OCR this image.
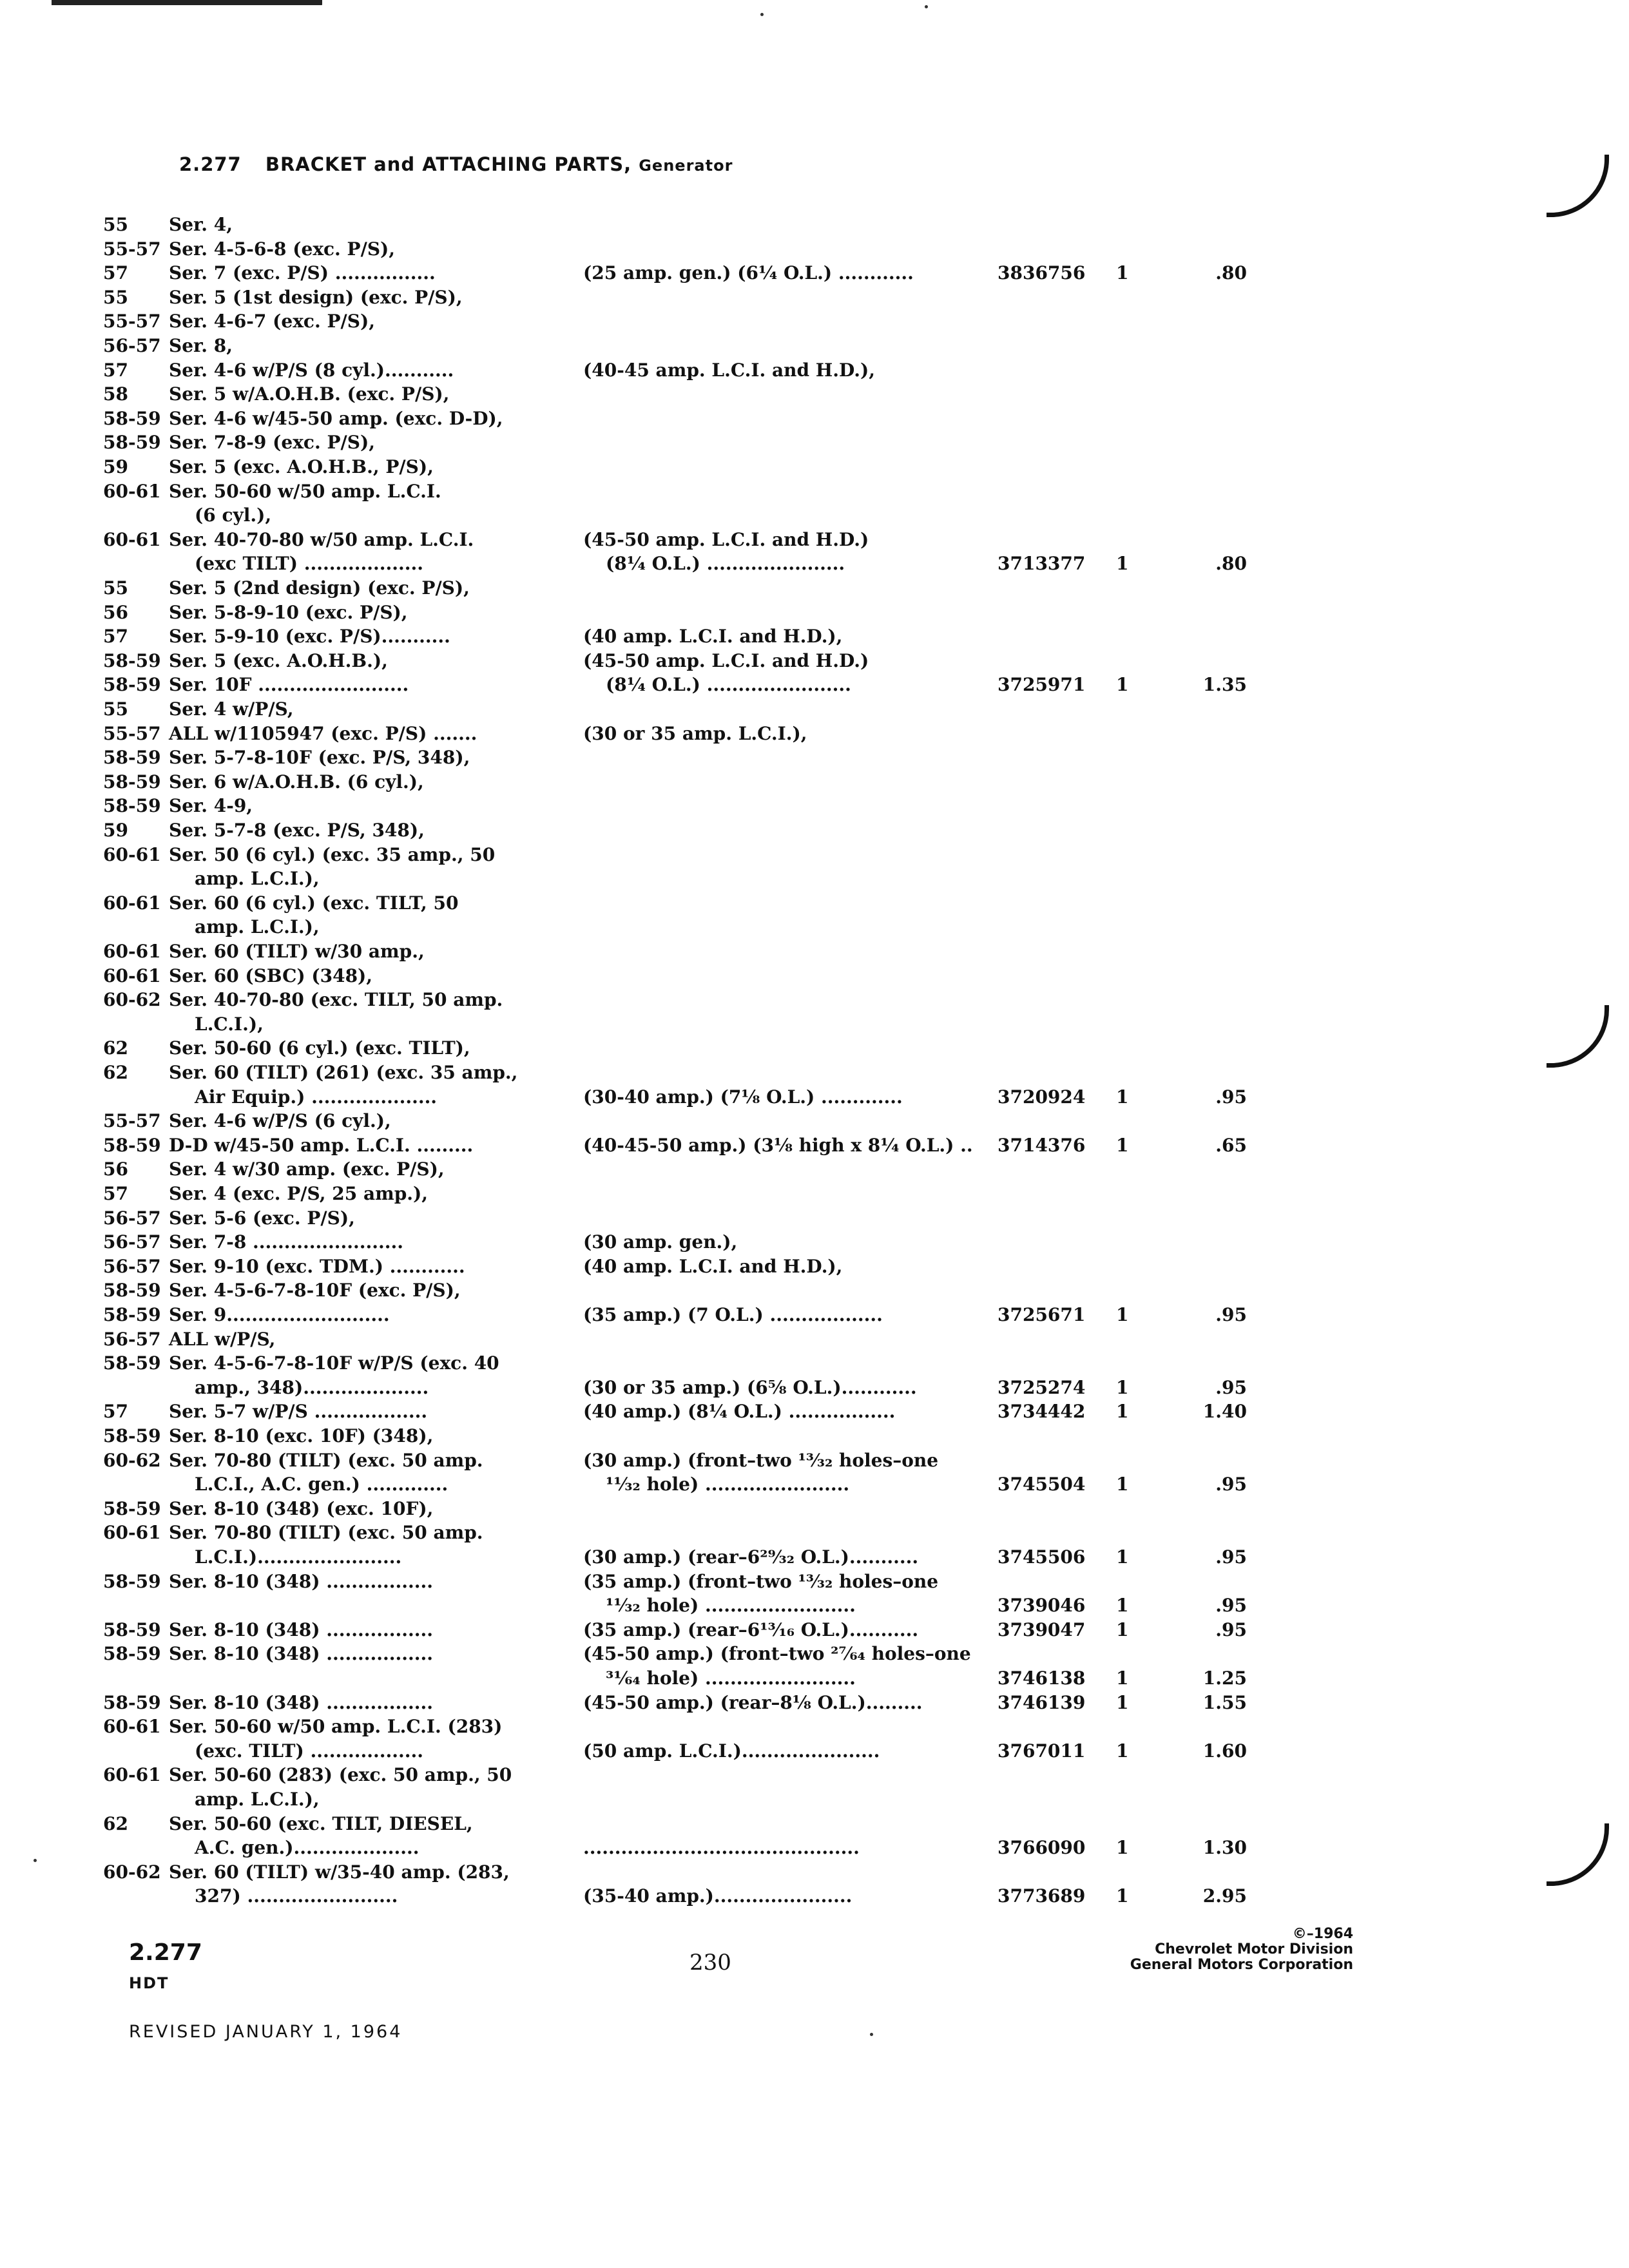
2.277 BRACKET and ATTACHING PARTS, Generator
55 Ser. 4,
55-57 Ser. 4-5-6-8 (exc. P/S),
57 Ser. 7 (exc. P/S) ................	(25 amp. gen.) (6¼ O.L.) ............	3836756	1	.80
55 Ser. 5 (1st design) (exc. P/S),
55-57 Ser. 4-6-7 (exc. P/S),
56-57 Ser. 8,
57 Ser. 4-6 w/P/S (8 cyl.)...........	(40-45 amp. L.C.I. and H.D.),
58 Ser. 5 w/A.O.H.B. (exc. P/S),
58-59 Ser. 4-6 w/45-50 amp. (exc. D-D),
58-59 Ser. 7-8-9 (exc. P/S),
59 Ser. 5 (exc. A.O.H.B., P/S),
60-61 Ser. 50-60 w/50 amp. L.C.I.
(6 cyl.),
60-61 Ser. 40-70-80 w/50 amp. L.C.I.	(45-50 amp. L.C.I. and H.D.)
(exc TILT) ...................	(8¼ O.L.) ......................	3713377	1	.80
55 Ser. 5 (2nd design) (exc. P/S),
56 Ser. 5-8-9-10 (exc. P/S),
57 Ser. 5-9-10 (exc. P/S)...........	(40 amp. L.C.I. and H.D.),
58-59 Ser. 5 (exc. A.O.H.B.),	(45-50 amp. L.C.I. and H.D.)
58-59 Ser. 10F ........................	(8¼ O.L.) .......................	3725971	1	1.35
55 Ser. 4 w/P/S,
55-57 ALL w/1105947 (exc. P/S) .......	(30 or 35 amp. L.C.I.),
58-59 Ser. 5-7-8-10F (exc. P/S, 348),
58-59 Ser. 6 w/A.O.H.B. (6 cyl.),
58-59 Ser. 4-9,
59 Ser. 5-7-8 (exc. P/S, 348),
60-61 Ser. 50 (6 cyl.) (exc. 35 amp., 50
amp. L.C.I.),
60-61 Ser. 60 (6 cyl.) (exc. TILT, 50
amp. L.C.I.),
60-61 Ser. 60 (TILT) w/30 amp.,
60-61 Ser. 60 (SBC) (348),
60-62 Ser. 40-70-80 (exc. TILT, 50 amp.
L.C.I.),
62 Ser. 50-60 (6 cyl.) (exc. TILT),
62 Ser. 60 (TILT) (261) (exc. 35 amp.,
Air Equip.) ....................	(30-40 amp.) (7⅛ O.L.) .............	3720924	1	.95
55-57 Ser. 4-6 w/P/S (6 cyl.),
58-59 D-D w/45-50 amp. L.C.I. .........	(40-45-50 amp.) (3⅛ high x 8¼ O.L.) .. 3714376	1	.65
56 Ser. 4 w/30 amp. (exc. P/S),
57 Ser. 4 (exc. P/S, 25 amp.),
56-57 Ser. 5-6 (exc. P/S),
56-57 Ser. 7-8 ........................	(30 amp. gen.),
56-57 Ser. 9-10 (exc. TDM.) ............	(40 amp. L.C.I. and H.D.),
58-59 Ser. 4-5-6-7-8-10F (exc. P/S),
58-59 Ser. 9..........................	(35 amp.) (7 O.L.) ..................	3725671	1	.95
56-57 ALL w/P/S,
58-59 Ser. 4-5-6-7-8-10F w/P/S (exc. 40
amp., 348)....................	(30 or 35 amp.) (6⅝ O.L.)............	3725274	1	.95
57 Ser. 5-7 w/P/S ..................	(40 amp.) (8¼ O.L.) .................	3734442	1	1.40
58-59 Ser. 8-10 (exc. 10F) (348),
60-62 Ser. 70-80 (TILT) (exc. 50 amp.	(30 amp.) (front–two ¹³⁄₃₂ holes–one
L.C.I., A.C. gen.) .............	¹¹⁄₃₂ hole) .......................	3745504	1	.95
58-59 Ser. 8-10 (348) (exc. 10F),
60-61 Ser. 70-80 (TILT) (exc. 50 amp.
L.C.I.).......................	(30 amp.) (rear–6²⁹⁄₃₂ O.L.)...........	3745506	1	.95
58-59 Ser. 8-10 (348) .................	(35 amp.) (front–two ¹³⁄₃₂ holes–one
¹¹⁄₃₂ hole) ........................	3739046	1	.95
58-59 Ser. 8-10 (348) .................	(35 amp.) (rear–6¹³⁄₁₆ O.L.)...........	3739047	1	.95
58-59 Ser. 8-10 (348) .................	(45-50 amp.) (front–two ²⁷⁄₆₄ holes–one
³¹⁄₆₄ hole) ........................	3746138	1	1.25
58-59 Ser. 8-10 (348) .................	(45-50 amp.) (rear–8⅛ O.L.).........	3746139	1	1.55
60-61 Ser. 50-60 w/50 amp. L.C.I. (283)
(exc. TILT) ..................	(50 amp. L.C.I.)......................	3767011	1	1.60
60-61 Ser. 50-60 (283) (exc. 50 amp., 50
amp. L.C.I.),
62 Ser. 50-60 (exc. TILT, DIESEL,
A.C. gen.)....................	............................................	3766090	1	1.30
60-62 Ser. 60 (TILT) w/35-40 amp. (283,
327) ........................	(35-40 amp.)......................	3773689	1	2.95
2.277
HDT
REVISED JANUARY 1, 1964
230
©–1964
Chevrolet Motor Division
General Motors Corporation
